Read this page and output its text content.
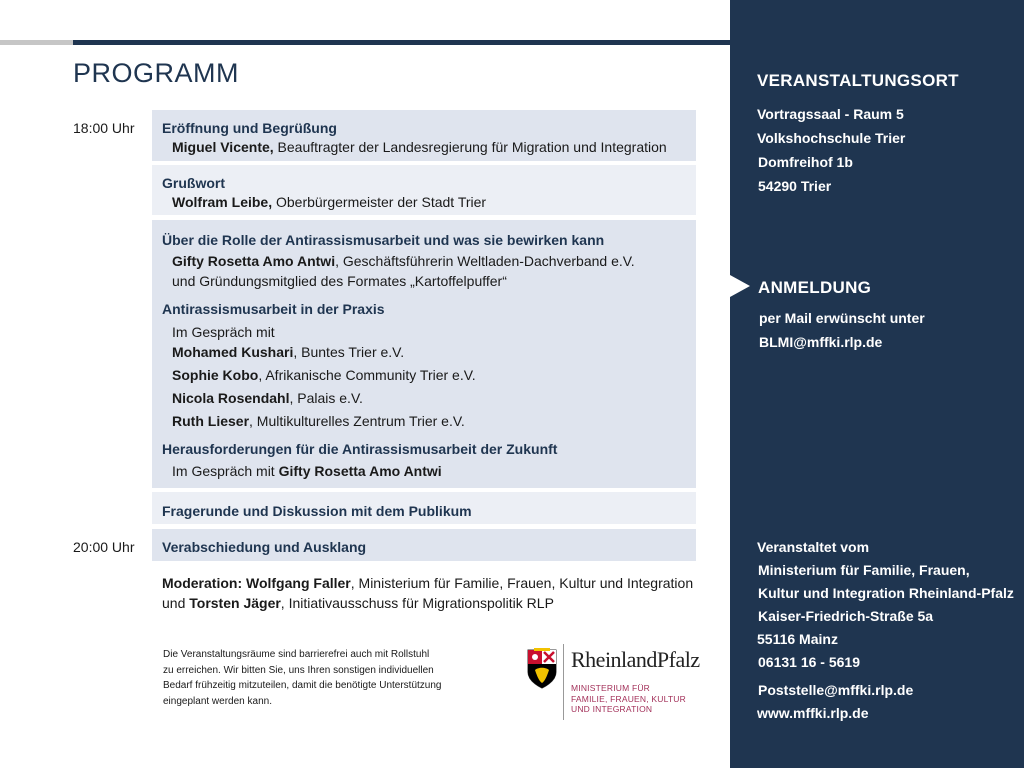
PROGRAMM
18:00 Uhr
20:00 Uhr
Eröffnung und Begrüßung
Miguel Vicente, Beauftragter der Landesregierung für Migration und Integration
Grußwort
Wolfram Leibe, Oberbürgermeister der Stadt Trier
Über die Rolle der Antirassismusarbeit und was sie bewirken kann
Gifty Rosetta Amo Antwi, Geschäftsführerin Weltladen-Dachverband e.V.
und Gründungsmitglied des Formates „Kartoffelpuffer“
Antirassismusarbeit in der Praxis
Im Gespräch mit
Mohamed Kushari, Buntes Trier e.V.
Sophie Kobo, Afrikanische Community Trier e.V.
Nicola Rosendahl, Palais e.V.
Ruth Lieser, Multikulturelles Zentrum Trier e.V.
Herausforderungen für die Antirassismusarbeit der Zukunft
Im Gespräch mit Gifty Rosetta Amo Antwi
Fragerunde und Diskussion mit dem Publikum
Verabschiedung und Ausklang
Moderation: Wolfgang Faller, Ministerium für Familie, Frauen, Kultur und Integration
und Torsten Jäger, Initiativausschuss für Migrationspolitik RLP
Die Veranstaltungsräume sind barrierefrei auch mit Rollstuhl
zu erreichen. Wir bitten Sie, uns Ihren sonstigen individuellen
Bedarf frühzeitig mitzuteilen, damit die benötigte Unterstützung
eingeplant werden kann.
RheinlandPfalz
MINISTERIUM FÜR
FAMILIE, FRAUEN, KULTUR
UND INTEGRATION
VERANSTALTUNGSORT
Vortragssaal - Raum 5
Volkshochschule Trier
Domfreihof 1b
54290 Trier
ANMELDUNG
per Mail erwünscht unter
BLMI@mffki.rlp.de
Veranstaltet vom
Ministerium für Familie, Frauen,
Kultur und Integration Rheinland-Pfalz
Kaiser-Friedrich-Straße 5a
55116 Mainz
06131 16 - 5619
Poststelle@mffki.rlp.de
www.mffki.rlp.de
